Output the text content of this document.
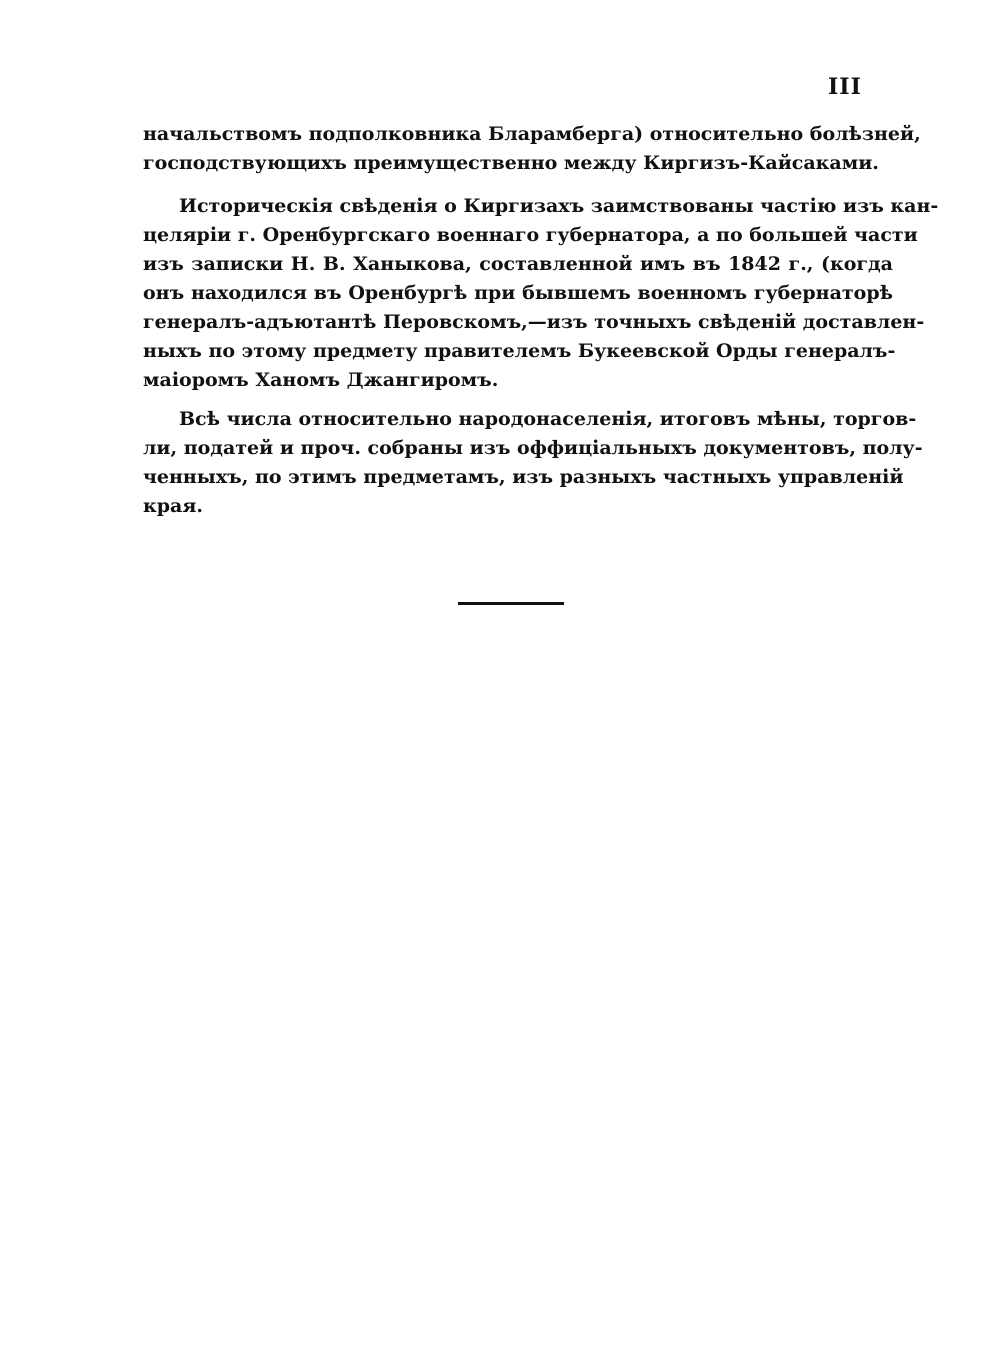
III
начальствомъ подполковника Бларамберга) относительно болѣзней,
господствующихъ преимущественно между Киргизъ-Кайсаками.
Историческія свѣденія о Киргизахъ заимствованы частію изъ кан-
целяріи г. Оренбургскаго военнаго губернатора, а по большей части
изъ записки Н. В. Ханыкова, составленной имъ въ 1842 г., (когда
онъ находился въ Оренбургѣ при бывшемъ военномъ губернаторѣ
генералъ-адъютантѣ Перовскомъ,—изъ точныхъ свѣденій доставлен-
ныхъ по этому предмету правителемъ Букеевской Орды генералъ-
маіоромъ Ханомъ Джангиромъ.
Всѣ числа относительно народонаселенія, итоговъ мѣны, торгов-
ли, податей и проч. собраны изъ оффиціальныхъ документовъ, полу-
ченныхъ, по этимъ предметамъ, изъ разныхъ частныхъ управленій
края.
